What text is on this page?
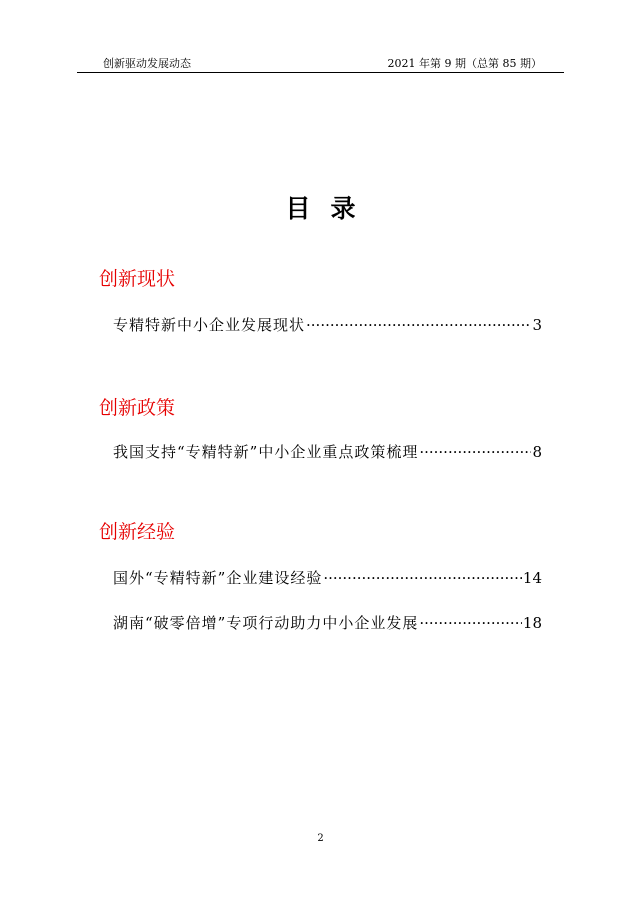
创新驱动发展动态	2021 年第 9 期（总第 85 期）
目录
创新现状
专精特新中小企业发展现状 ·····	3
创新政策
我国支持“专精特新”中小企业重点政策梳理 ·····	8
创新经验
国外“专精特新”企业建设经验 ·····	14
湖南“破零倍增”专项行动助力中小企业发展 ·····	18
2
